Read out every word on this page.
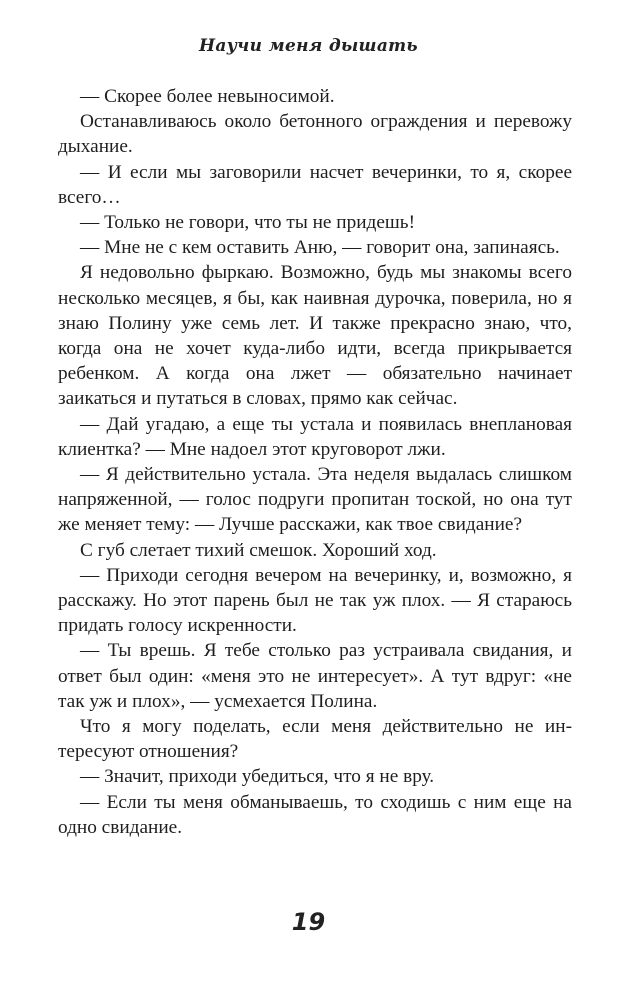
Научи меня дышать

— Скорее более невыносимой.

Останавливаюсь около бетонного ограждения и перевожу дыхание.

— И если мы заговорили насчет вечеринки, то я, скорее всего…

— Только не говори, что ты не придешь!

— Мне не с кем оставить Аню, — говорит она, запинаясь.

Я недовольно фыркаю. Возможно, будь мы знакомы всего несколько месяцев, я бы, как наивная дурочка, поверила, но я знаю Полину уже семь лет. И также прекрасно знаю, что, когда она не хочет куда-либо идти, всегда прикрывается ребенком. А когда она лжет — обязательно начинает заикаться и путаться в словах, прямо как сейчас.

— Дай угадаю, а еще ты устала и появилась внеплановая клиентка? — Мне надоел этот круговорот лжи.

— Я действительно устала. Эта неделя выдалась слишком напряженной, — голос подруги пропитан тоской, но она тут же меняет тему: — Лучше расскажи, как твое свидание?

С губ слетает тихий смешок. Хороший ход.

— Приходи сегодня вечером на вечеринку, и, возможно, я расскажу. Но этот парень был не так уж плох. — Я стараюсь придать голосу искренности.

— Ты врешь. Я тебе столько раз устраивала свидания, и ответ был один: «меня это не интересует». А тут вдруг: «не так уж и плох», — усмехается Полина.

Что я могу поделать, если меня действительно не интересуют отношения?

— Значит, приходи убедиться, что я не вру.

— Если ты меня обманываешь, то сходишь с ним еще на одно свидание.

19
